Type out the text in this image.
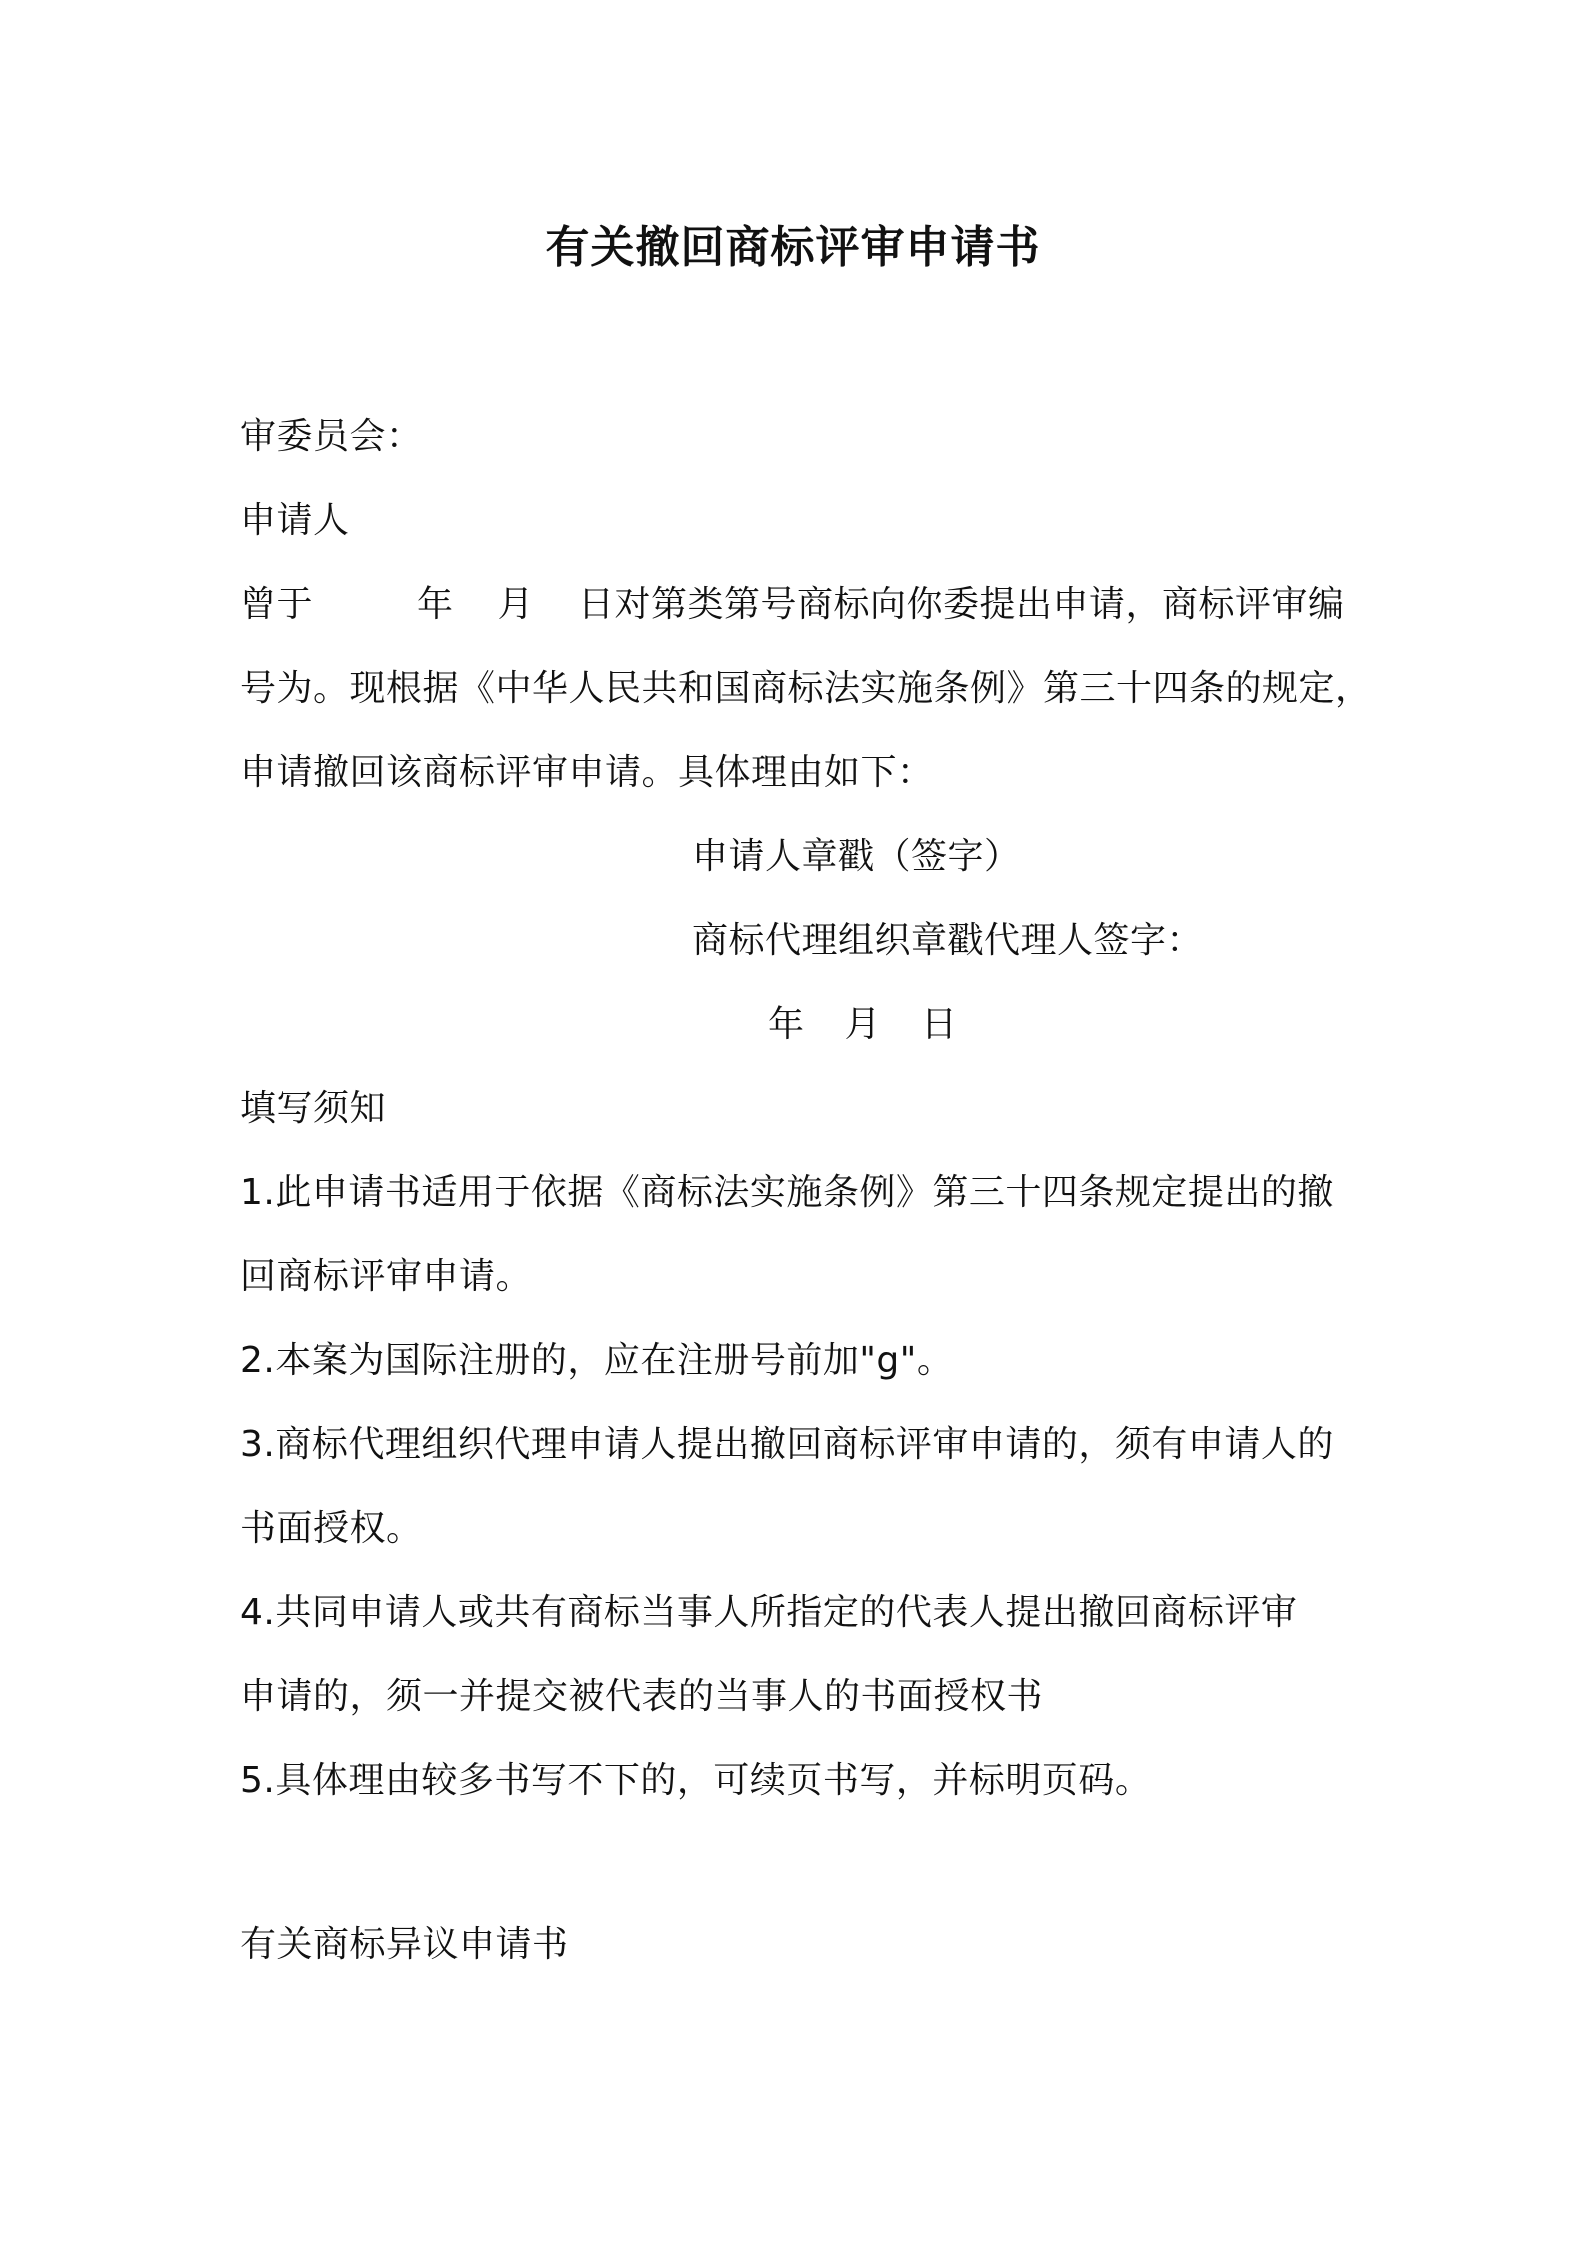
有关撤回商标评审申请书
审委员会：
申请人
曾于	年 月 日对第类第号商标向你委提出申请，商标评审编
号为。现根据《中华人民共和国商标法实施条例》第三十四条的规定，
申请撤回该商标评审申请。具体理由如下：
申请人章戳（签字）
商标代理组织章戳代理人签字：
年 月 日
填写须知
1.此申请书适用于依据《商标法实施条例》第三十四条规定提出的撤
回商标评审申请。
2.本案为国际注册的，应在注册号前加"g"。
3.商标代理组织代理申请人提出撤回商标评审申请的，须有申请人的
书面授权。
4.共同申请人或共有商标当事人所指定的代表人提出撤回商标评审
申请的，须一并提交被代表的当事人的书面授权书
5.具体理由较多书写不下的，可续页书写，并标明页码。
有关商标异议申请书
